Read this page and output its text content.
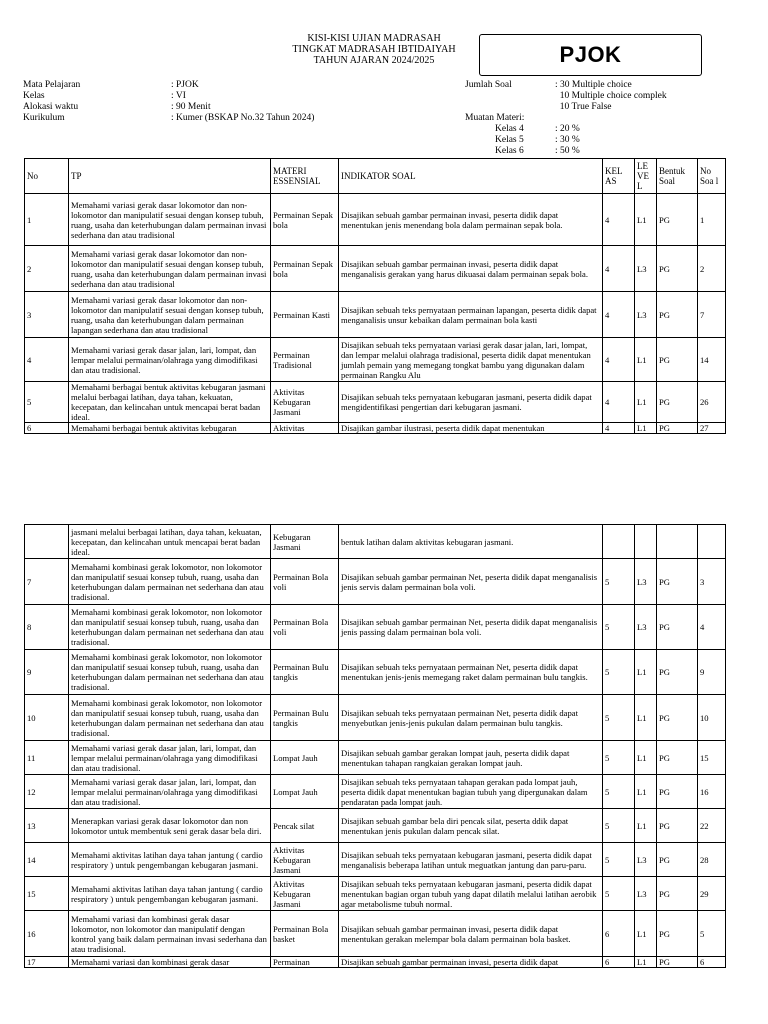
KISI-KISI UJIAN MADRASAH
TINGKAT MADRASAH IBTIDAIYAH
TAHUN AJARAN 2024/2025	PJOK
Mata Pelajaran	: PJOK
Kelas	: VI
Alokasi waktu	: 90 Menit
Kurikulum	: Kumer (BSKAP No.32 Tahun 2024)
Jumlah Soal	: 30 Multiple choice
10 Multiple choice complek
10 True False
Muatan Materi:
Kelas 4	: 20 %
Kelas 5	: 30 %
Kelas 6	: 50 %
No	TP	MATERI ESSENSIAL	INDIKATOR SOAL	KEL AS	LE VE L	Bentuk Soal	No Soa l
1	Memahami variasi gerak dasar lokomotor dan non-lokomotor dan manipulatif sesuai dengan konsep tubuh, ruang, usaha dan keterhubungan dalam permainan invasi sederhana dan atau tradisional	Permainan Sepak bola	Disajikan sebuah gambar permainan invasi, peserta didik dapat menentukan jenis menendang bola dalam permainan sepak bola.	4	L1	PG	1
2	Memahami variasi gerak dasar lokomotor dan non-lokomotor dan manipulatif sesuai dengan konsep tubuh, ruang, usaha dan keterhubungan dalam permainan invasi sederhana dan atau tradisional	Permainan Sepak bola	Disajikan sebuah gambar permainan invasi, peserta didik dapat menganalisis gerakan yang harus dikuasai dalam permainan sepak bola.	4	L3	PG	2
3	Memahami variasi gerak dasar lokomotor dan non-lokomotor dan manipulatif sesuai dengan konsep tubuh, ruang, usaha dan keterhubungan dalam permainan lapangan sederhana dan atau tradisional	Permainan Kasti	Disajikan sebuah teks pernyataan permainan lapangan, peserta didik dapat menganalisis unsur kebaikan dalam permainan bola kasti	4	L3	PG	7
4	Memahami variasi gerak dasar jalan, lari, lompat, dan lempar melalui permainan/olahraga yang dimodifikasi dan atau tradisional.	Permainan Tradisional	Disajikan sebuah teks pernyataan variasi gerak dasar jalan, lari, lompat, dan lempar melalui olahraga tradisional, peserta didik dapat menentukan jumlah pemain yang memegang tongkat bambu yang digunakan dalam permainan Rangku Alu	4	L1	PG	14
5	Memahami berbagai bentuk aktivitas kebugaran jasmani melalui berbagai latihan, daya tahan, kekuatan, kecepatan, dan kelincahan untuk mencapai berat badan ideal.	Aktivitas Kebugaran Jasmani	Disajikan sebuah teks pernyataan kebugaran jasmani, peserta didik dapat mengidentifikasi pengertian dari kebugaran jasmani.	4	L1	PG	26
6	Memahami berbagai bentuk aktivitas kebugaran	Aktivitas	Disajikan gambar ilustrasi, peserta didik dapat menentukan	4	L1	PG	27
	jasmani melalui berbagai latihan, daya tahan, kekuatan, kecepatan, dan kelincahan untuk mencapai berat badan ideal.	Kebugaran Jasmani	bentuk latihan dalam aktivitas kebugaran jasmani.				
7	Memahami kombinasi gerak lokomotor, non lokomotor dan manipulatif sesuai konsep tubuh, ruang, usaha dan keterhubungan dalam permainan net sederhana dan atau tradisional.	Permainan Bola voli	Disajikan sebuah gambar permainan Net, peserta didik dapat menganalisis jenis servis dalam permainan bola voli.	5	L3	PG	3
8	Memahami kombinasi gerak lokomotor, non lokomotor dan manipulatif sesuai konsep tubuh, ruang, usaha dan keterhubungan dalam permainan net sederhana dan atau tradisional.	Permainan Bola voli	Disajikan sebuah gambar permainan Net, peserta didik dapat menganalisis jenis passing dalam permainan bola voli.	5	L3	PG	4
9	Memahami kombinasi gerak lokomotor, non lokomotor dan manipulatif sesuai konsep tubuh, ruang, usaha dan keterhubungan dalam permainan net sederhana dan atau tradisional.	Permainan Bulu tangkis	Disajikan sebuah teks pernyataan permainan Net, peserta didik dapat menentukan jenis-jenis memegang raket dalam permainan bulu tangkis.	5	L1	PG	9
10	Memahami kombinasi gerak lokomotor, non lokomotor dan manipulatif sesuai konsep tubuh, ruang, usaha dan keterhubungan dalam permainan net sederhana dan atau tradisional.	Permainan Bulu tangkis	Disajikan sebuah teks pernyataan permainan Net, peserta didik dapat menyebutkan jenis-jenis pukulan dalam permainan bulu tangkis.	5	L1	PG	10
11	Memahami variasi gerak dasar jalan, lari, lompat, dan lempar melalui permainan/olahraga yang dimodifikasi dan atau tradisional.	Lompat Jauh	Disajikan sebuah gambar gerakan lompat jauh, peserta didik dapat menentukan tahapan rangkaian gerakan lompat jauh.	5	L1	PG	15
12	Memahami variasi gerak dasar jalan, lari, lompat, dan lempar melalui permainan/olahraga yang dimodifikasi dan atau tradisional.	Lompat Jauh	Disajikan sebuah teks pernyataan tahapan gerakan pada lompat jauh, peserta didik dapat menentukan bagian tubuh yang dipergunakan dalam pendaratan pada lompat jauh.	5	L1	PG	16
13	Menerapkan variasi gerak dasar lokomotor dan non lokomotor untuk membentuk seni gerak dasar bela diri.	Pencak silat	Disajikan sebuah gambar bela diri pencak silat, peserta ddik dapat menentukan jenis pukulan dalam pencak silat.	5	L1	PG	22
14	Memahami aktivitas latihan daya tahan jantung ( cardio respiratory ) untuk pengembangan kebugaran jasmani.	Aktivitas Kebugaran Jasmani	Disajikan sebuah teks pernyataan kebugaran jasmani, peserta didik dapat menganalisis beberapa latihan untuk meguatkan jantung dan paru-paru.	5	L3	PG	28
15	Memahami aktivitas latihan daya tahan jantung ( cardio respiratory ) untuk pengembangan kebugaran jasmani.	Aktivitas Kebugaran Jasmani	Disajikan sebuah teks pernyataan kebugaran jasmani, peserta didik dapat menentukan bagian organ tubuh yang dapat dilatih melalui latihan aerobik agar metabolisme tubuh normal.	5	L3	PG	29
16	Memahami variasi dan kombinasi gerak dasar lokomotor, non lokomotor dan manipulatif dengan kontrol yang baik dalam permainan invasi sederhana dan atau tradisional.	Permainan Bola basket	Disajikan sebuah gambar permainan invasi, peserta didik dapat menentukan gerakan melempar bola dalam permainan bola basket.	6	L1	PG	5
17	Memahami variasi dan kombinasi gerak dasar	Permainan	Disajikan sebuah gambar permainan invasi, peserta didik dapat	6	L1	PG	6
